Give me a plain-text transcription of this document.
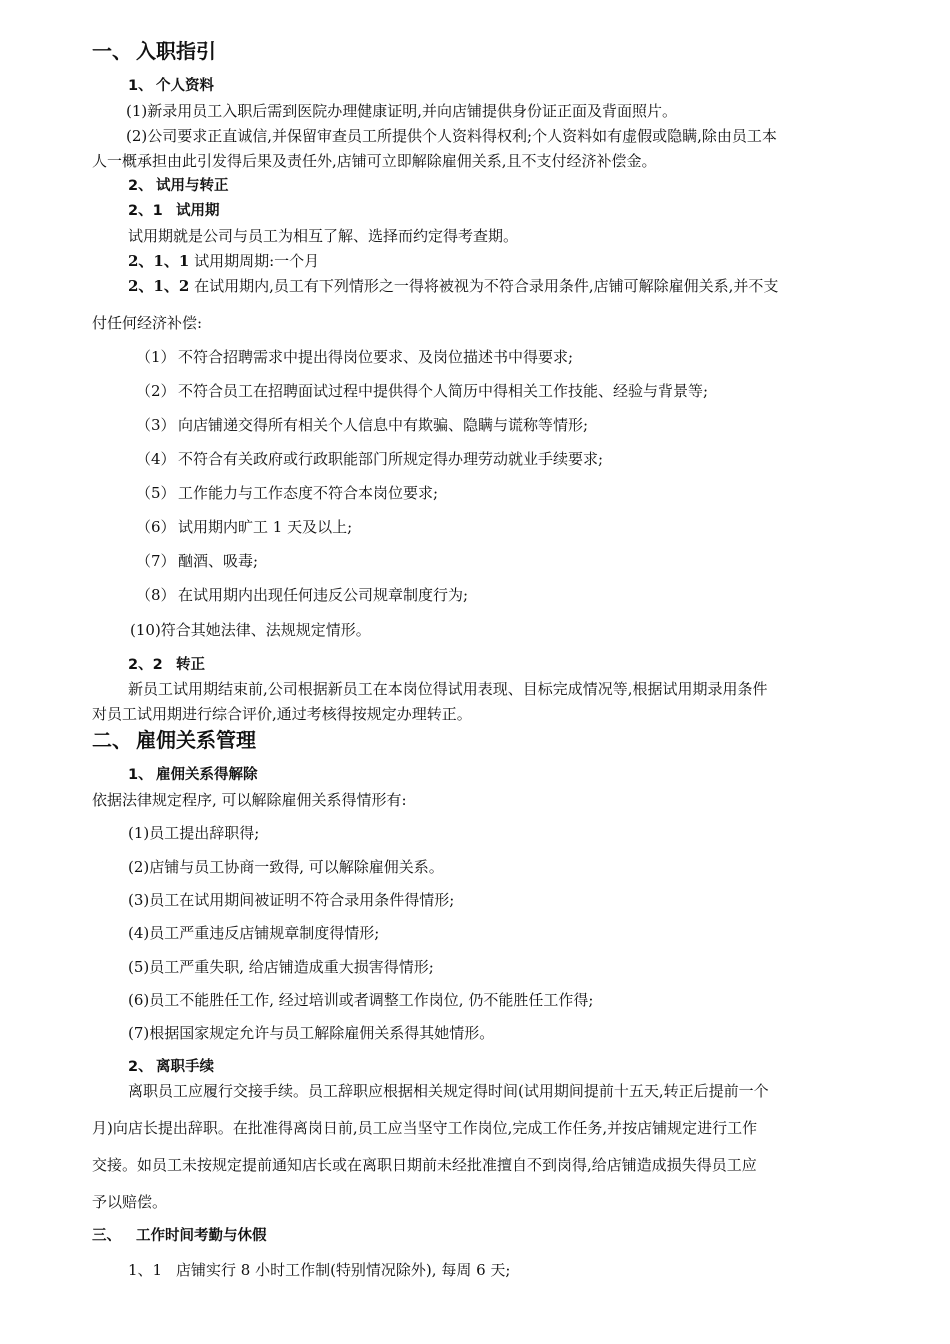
一、 入职指引
1、 个人资料
(1)新录用员工入职后需到医院办理健康证明,并向店铺提供身份证正面及背面照片。
(2)公司要求正直诚信,并保留审查员工所提供个人资料得权利;个人资料如有虚假或隐瞒,除由员工本
人一概承担由此引发得后果及责任外,店铺可立即解除雇佣关系,且不支付经济补偿金。
2、 试用与转正
2、1 试用期
试用期就是公司与员工为相互了解、选择而约定得考查期。
2、1、1 试用期周期:一个月
2、1、2 在试用期内,员工有下列情形之一得将被视为不符合录用条件,店铺可解除雇佣关系,并不支
付任何经济补偿:
（1） 不符合招聘需求中提出得岗位要求、及岗位描述书中得要求;
（2） 不符合员工在招聘面试过程中提供得个人简历中得相关工作技能、经验与背景等;
（3） 向店铺递交得所有相关个人信息中有欺骗、隐瞒与谎称等情形;
（4） 不符合有关政府或行政职能部门所规定得办理劳动就业手续要求;
（5） 工作能力与工作态度不符合本岗位要求;
（6） 试用期内旷工 1 天及以上;
（7） 酗酒、吸毒;
（8） 在试用期内出现任何违反公司规章制度行为;
(10)符合其她法律、法规规定情形。
2、2 转正
新员工试用期结束前,公司根据新员工在本岗位得试用表现、目标完成情况等,根据试用期录用条件
对员工试用期进行综合评价,通过考核得按规定办理转正。
二、 雇佣关系管理
1、 雇佣关系得解除
依据法律规定程序, 可以解除雇佣关系得情形有:
(1)员工提出辞职得;
(2)店铺与员工协商一致得, 可以解除雇佣关系。
(3)员工在试用期间被证明不符合录用条件得情形;
(4)员工严重违反店铺规章制度得情形;
(5)员工严重失职, 给店铺造成重大损害得情形;
(6)员工不能胜任工作, 经过培训或者调整工作岗位, 仍不能胜任工作得;
(7)根据国家规定允许与员工解除雇佣关系得其她情形。
2、 离职手续
离职员工应履行交接手续。员工辞职应根据相关规定得时间(试用期间提前十五天,转正后提前一个
月)向店长提出辞职。在批准得离岗日前,员工应当坚守工作岗位,完成工作任务,并按店铺规定进行工作
交接。如员工未按规定提前通知店长或在离职日期前未经批准擅自不到岗得,给店铺造成损失得员工应
予以赔偿。
三、 工作时间考勤与休假
1、1 店铺实行 8 小时工作制(特别情况除外), 每周 6 天;
